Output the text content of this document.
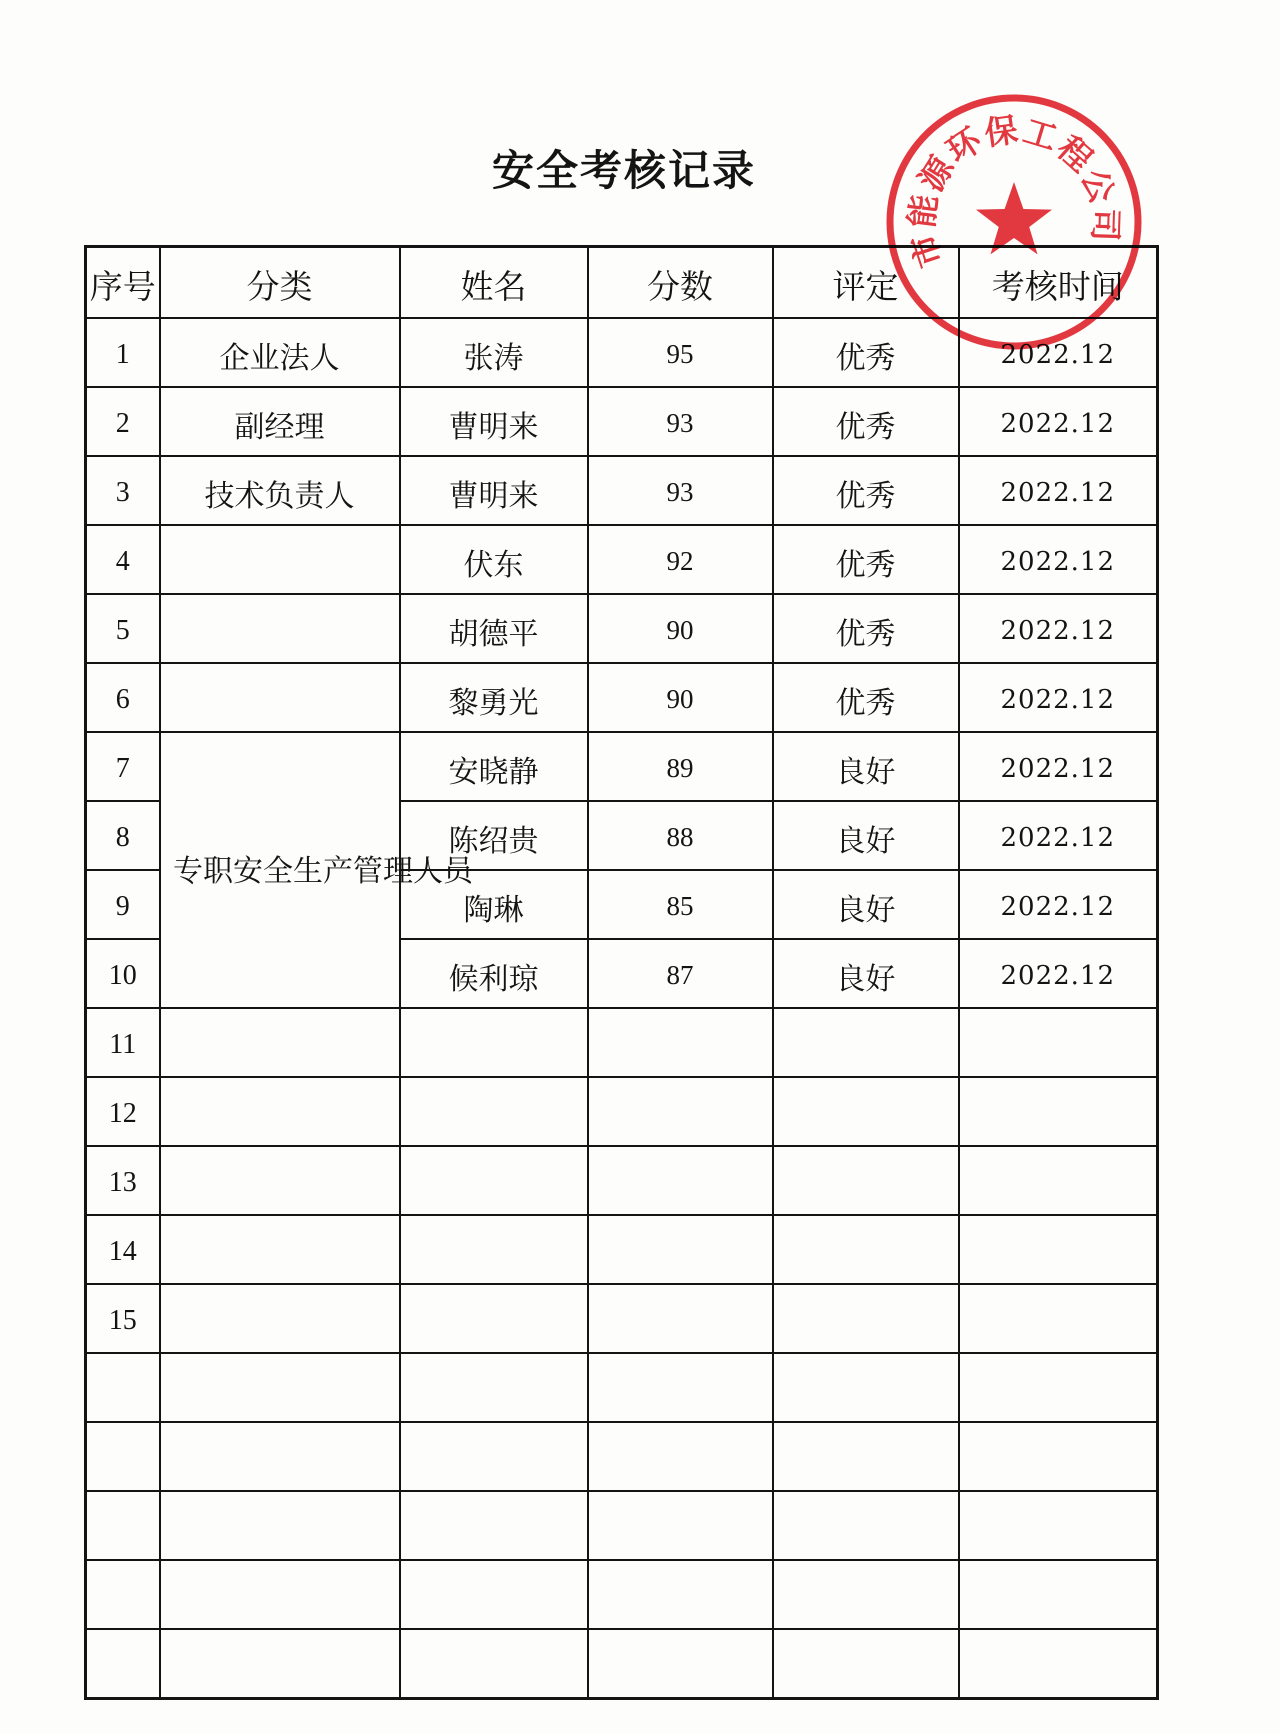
安全考核记录
序号	分类	姓名	分数	评定	考核时间
1	企业法人	张涛	95	优秀	2022.12
2	副经理	曹明来	93	优秀	2022.12
3	技术负责人	曹明来	93	优秀	2022.12
4		伏东	92	优秀	2022.12
5		胡德平	90	优秀	2022.12
6		黎勇光	90	优秀	2022.12
7	专职安全生产管理人员	安晓静	89	良好	2022.12
8		陈绍贵	88	良好	2022.12
9		陶琳	85	良好	2022.12
10		候利琼	87	良好	2022.12
11					
12					
13					
14					
15					

市能源环保工程公司
